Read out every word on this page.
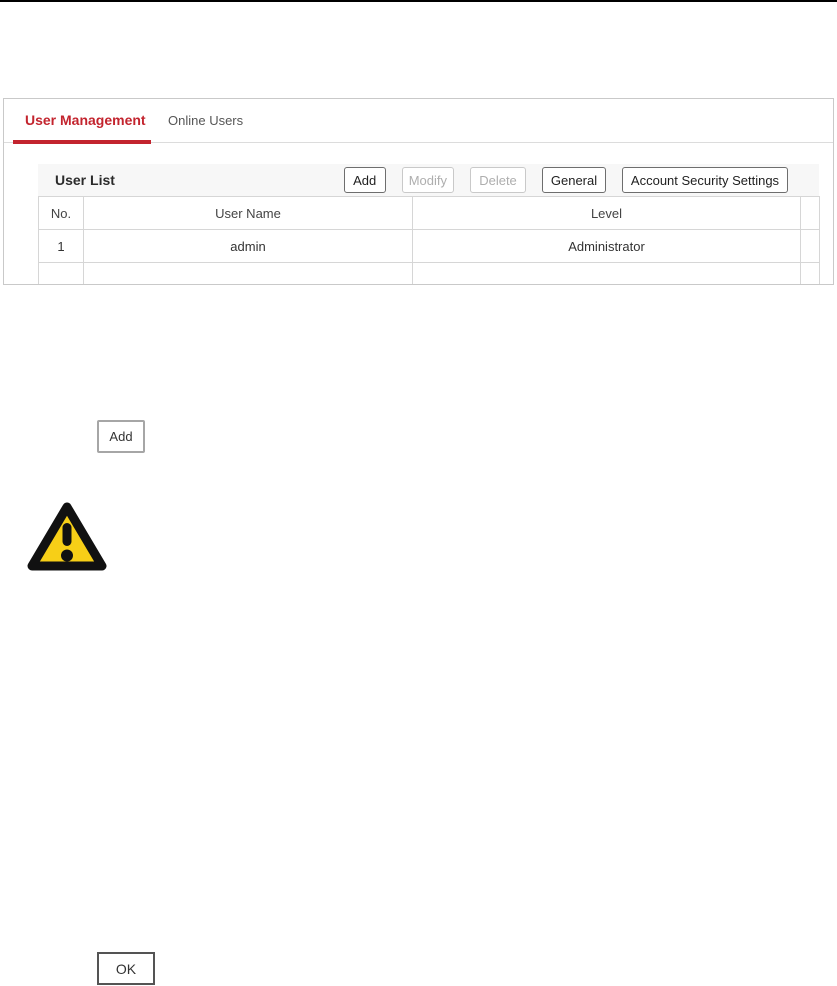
User Management Online Users
User List	Add	Modify	Delete	General	Account Security Settings
No.	User Name	Level	
1	admin	Administrator	

Add
OK
